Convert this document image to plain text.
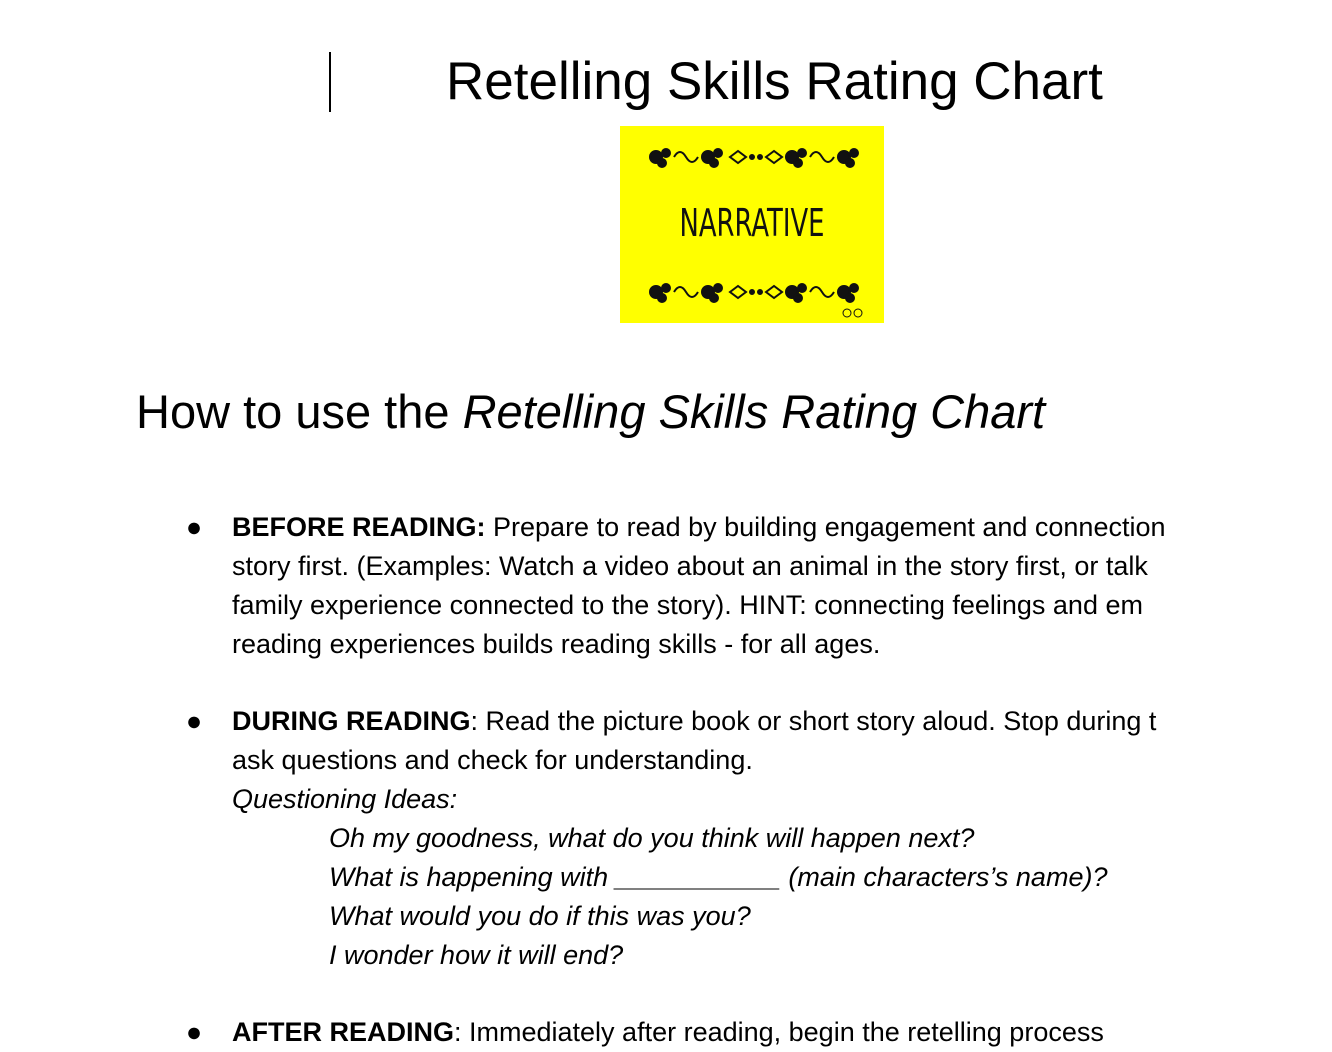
Retelling Skills Rating Chart
NARRATIVE
How to use the Retelling Skills Rating Chart
● BEFORE READING: Prepare to read by building engagement and connection
story first. (Examples: Watch a video about an animal in the story first, or talk
family experience connected to the story). HINT: connecting feelings and em
reading experiences builds reading skills - for all ages.
● DURING READING: Read the picture book or short story aloud. Stop during t
ask questions and check for understanding.
Questioning Ideas:
Oh my goodness, what do you think will happen next?
What is happening with ___________ (main characters’s name)?
What would you do if this was you?
I wonder how it will end?
● AFTER READING: Immediately after reading, begin the retelling process
